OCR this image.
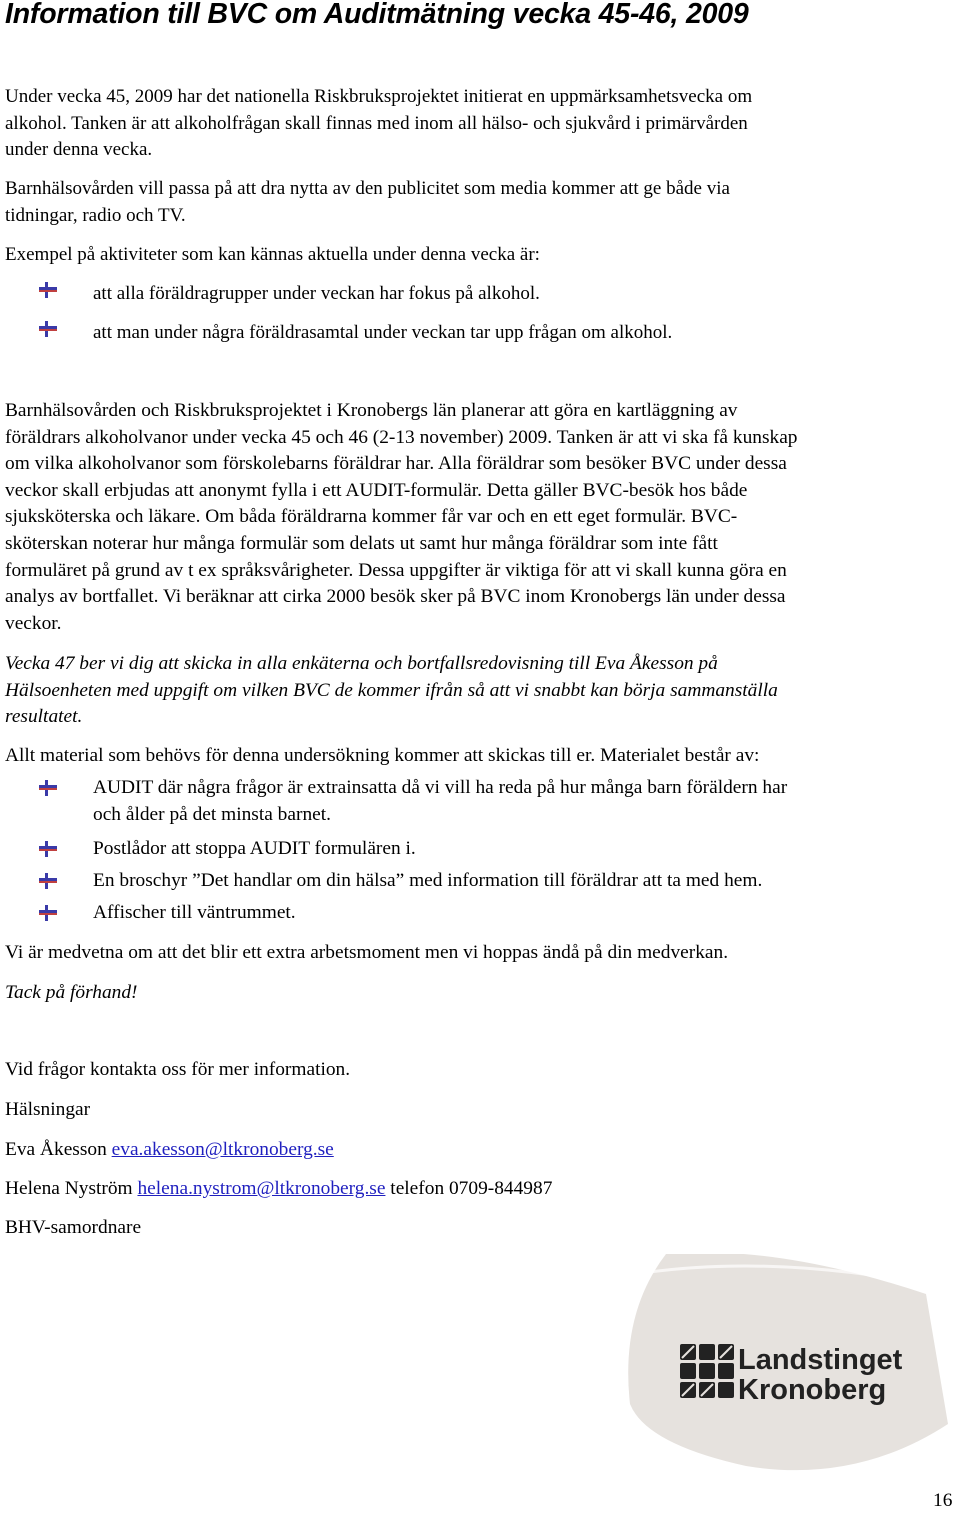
Information till BVC om Auditmätning vecka 45-46, 2009
Under vecka 45, 2009 har det nationella Riskbruksprojektet initierat en uppmärksamhetsvecka om
alkohol. Tanken är att alkoholfrågan skall finnas med inom all hälso- och sjukvård i primärvården
under denna vecka.
Barnhälsovården vill passa på att dra nytta av den publicitet som media kommer att ge både via
tidningar, radio och TV.
Exempel på aktiviteter som kan kännas aktuella under denna vecka är:
att alla föräldragrupper under veckan har fokus på alkohol.
att man under några föräldrasamtal under veckan tar upp frågan om alkohol.
Barnhälsovården och Riskbruksprojektet i Kronobergs län planerar att göra en kartläggning av
föräldrars alkoholvanor under vecka 45 och 46 (2-13 november) 2009. Tanken är att vi ska få kunskap
om vilka alkoholvanor som förskolebarns föräldrar har. Alla föräldrar som besöker BVC under dessa
veckor skall erbjudas att anonymt fylla i ett AUDIT-formulär. Detta gäller BVC-besök hos både
sjuksköterska och läkare. Om båda föräldrarna kommer får var och en ett eget formulär. BVC-
sköterskan noterar hur många formulär som delats ut samt hur många föräldrar som inte fått
formuläret på grund av t ex språksvårigheter. Dessa uppgifter är viktiga för att vi skall kunna göra en
analys av bortfallet. Vi beräknar att cirka 2000 besök sker på BVC inom Kronobergs län under dessa
veckor.
Vecka 47 ber vi dig att skicka in alla enkäterna och bortfallsredovisning till Eva Åkesson på
Hälsoenheten med uppgift om vilken BVC de kommer ifrån så att vi snabbt kan börja sammanställa
resultatet.
Allt material som behövs för denna undersökning kommer att skickas till er. Materialet består av:
AUDIT där några frågor är extrainsatta då vi vill ha reda på hur många barn föräldern har
och ålder på det minsta barnet.
Postlådor att stoppa AUDIT formulären i.
En broschyr ”Det handlar om din hälsa” med information till föräldrar att ta med hem.
Affischer till väntrummet.
Vi är medvetna om att det blir ett extra arbetsmoment men vi hoppas ändå på din medverkan.
Tack på förhand!
Vid frågor kontakta oss för mer information.
Hälsningar
Eva Åkesson eva.akesson@ltkronoberg.se
Helena Nyström helena.nystrom@ltkronoberg.se telefon 0709-844987
BHV-samordnare
Landstinget
Kronoberg
16
